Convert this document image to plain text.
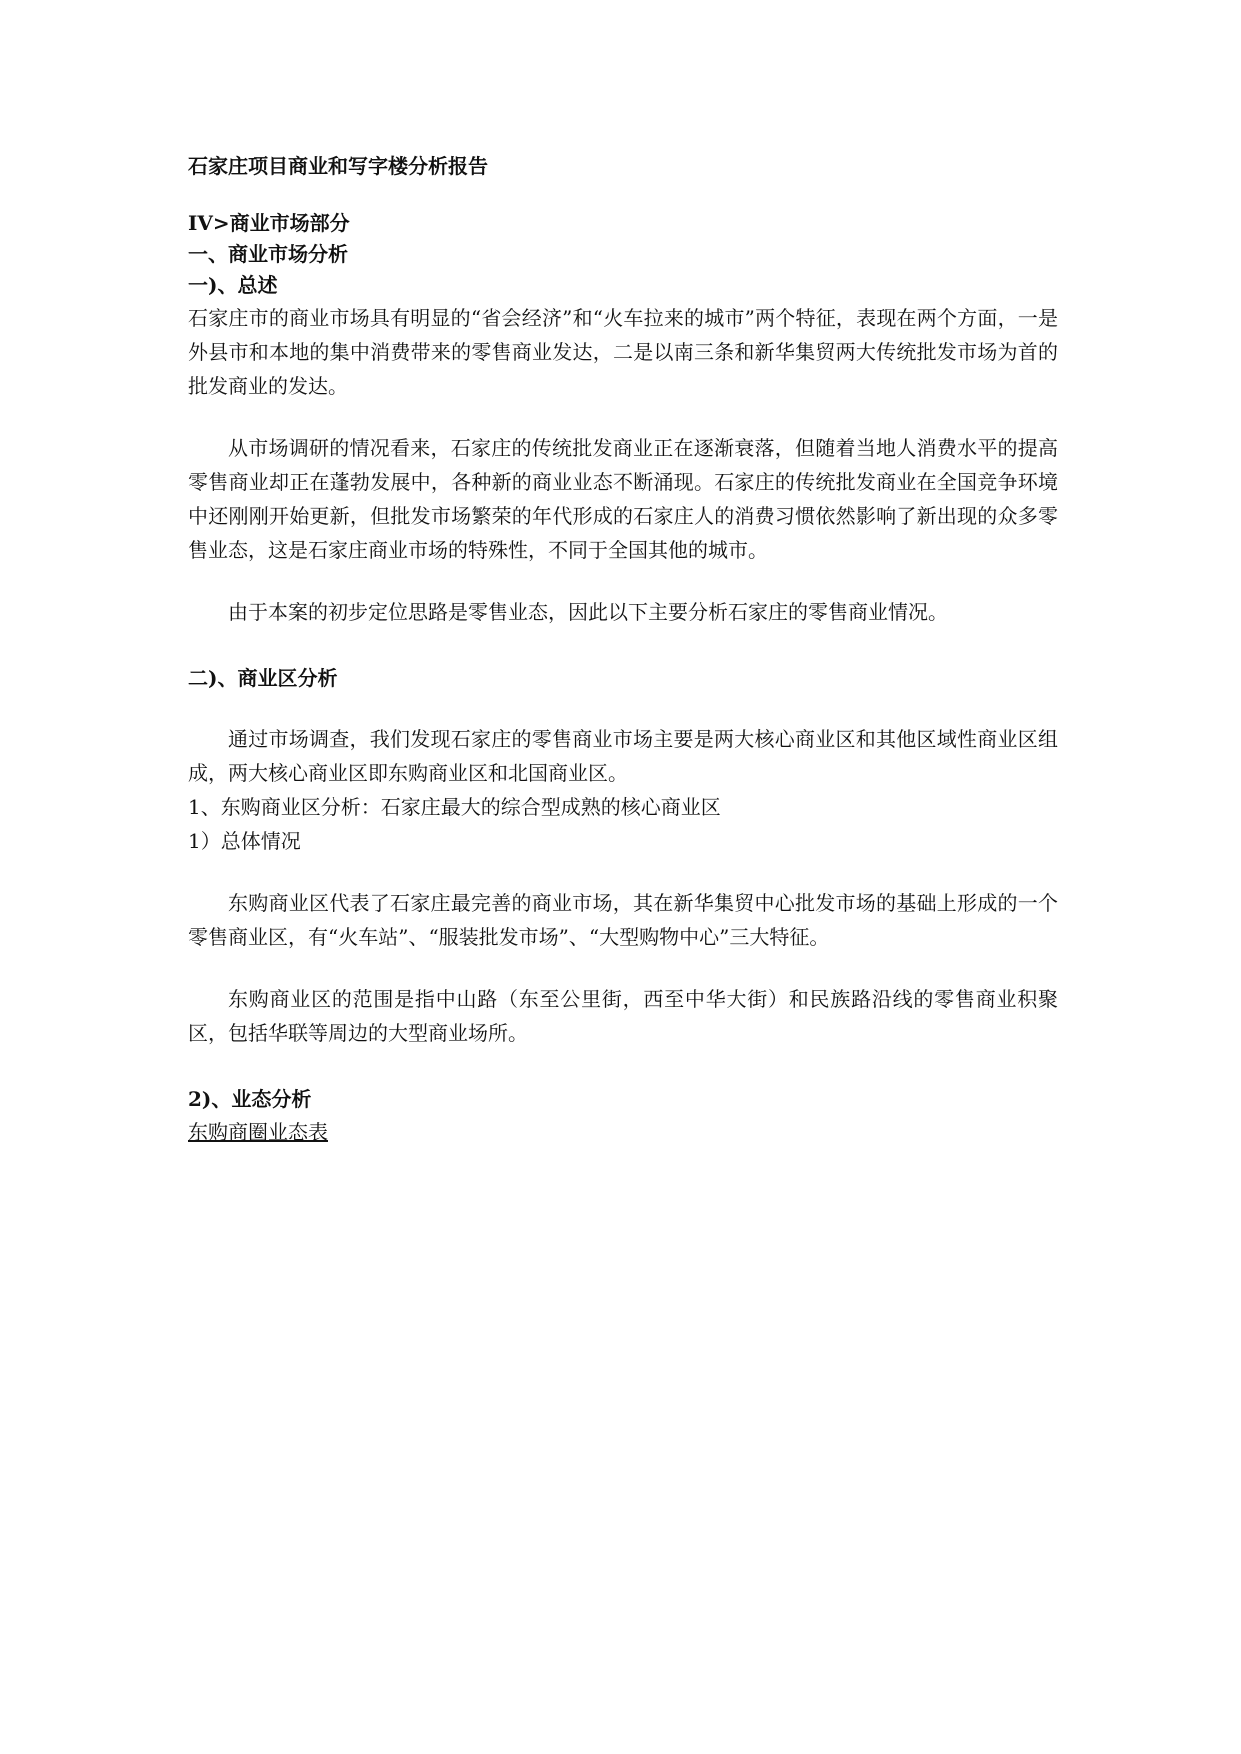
石家庄项目商业和写字楼分析报告

IV>商业市场部分

一、商业市场分析

一)、总述

石家庄市的商业市场具有明显的“省会经济”和“火车拉来的城市”两个特征，表现在两个方面，一是外县市和本地的集中消费带来的零售商业发达，二是以南三条和新华集贸两大传统批发市场为首的批发商业的发达。

从市场调研的情况看来，石家庄的传统批发商业正在逐渐衰落，但随着当地人消费水平的提高零售商业却正在蓬勃发展中，各种新的商业业态不断涌现。石家庄的传统批发商业在全国竞争环境中还刚刚开始更新，但批发市场繁荣的年代形成的石家庄人的消费习惯依然影响了新出现的众多零售业态，这是石家庄商业市场的特殊性，不同于全国其他的城市。

由于本案的初步定位思路是零售业态，因此以下主要分析石家庄的零售商业情况。

二)、商业区分析

通过市场调查，我们发现石家庄的零售商业市场主要是两大核心商业区和其他区域性商业区组成，两大核心商业区即东购商业区和北国商业区。

1、东购商业区分析：石家庄最大的综合型成熟的核心商业区

1）总体情况

东购商业区代表了石家庄最完善的商业市场，其在新华集贸中心批发市场的基础上形成的一个零售商业区，有“火车站”、“服装批发市场”、“大型购物中心”三大特征。

东购商业区的范围是指中山路（东至公里街，西至中华大街）和民族路沿线的零售商业积聚区，包括华联等周边的大型商业场所。

2)、业态分析

东购商圈业态表
